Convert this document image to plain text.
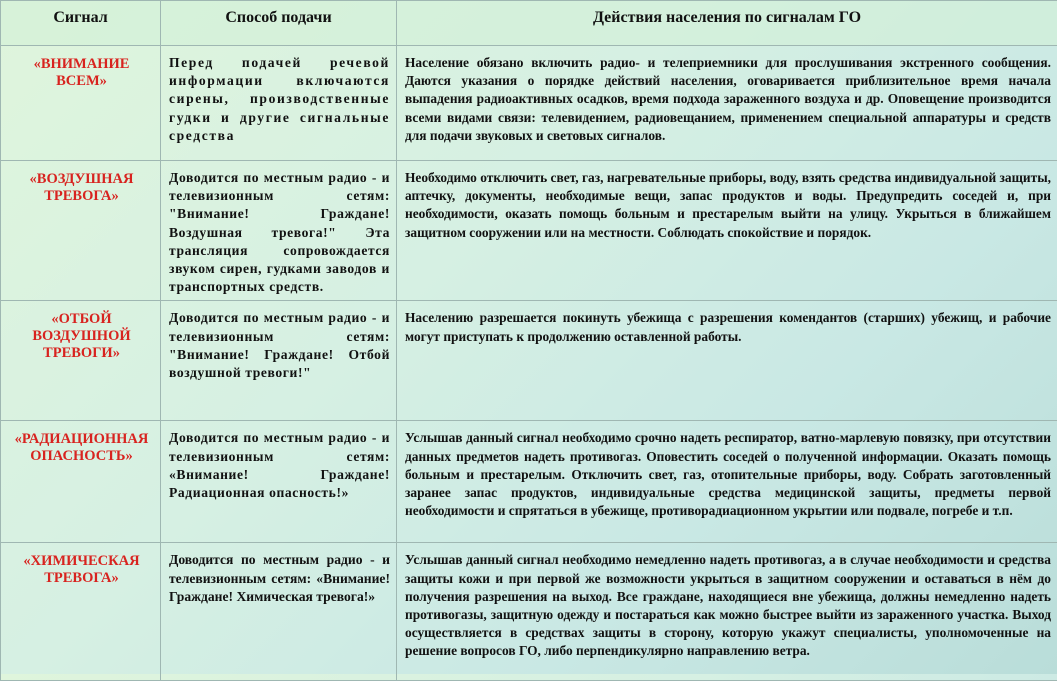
Сигнал	Способ подачи	Действия населения по сигналам ГО

«ВНИМАНИЕ
ВСЕМ»	Перед подачей речевой информации включаются сирены, производственные гудки и другие сигнальные средства	Население обязано включить радио- и телеприемники для прослушивания экстренного сообщения. Даются указания о порядке действий населения, оговаривается приблизительное время начала выпадения радиоактивных осадков, время подхода зараженного воздуха и др. Оповещение производится всеми видами связи: телевидением, радиовещанием, применением специальной аппаратуры и средств для подачи звуковых и световых сигналов.

«ВОЗДУШНАЯ
ТРЕВОГА»	Доводится по местным радио - и телевизионным сетям: "Внимание! Граждане! Воздушная тревога!" Эта трансляция сопровождается звуком сирен, гудками заводов и транспортных средств.	Необходимо отключить свет, газ, нагревательные приборы, воду, взять средства индивидуальной защиты, аптечку, документы, необходимые вещи, запас продуктов и воды. Предупредить соседей и, при необходимости, оказать помощь больным и престарелым выйти на улицу. Укрыться в ближайшем защитном сооружении или на местности. Соблюдать спокойствие и порядок.

«ОТБОЙ
ВОЗДУШНОЙ
ТРЕВОГИ»	Доводится по местным радио - и телевизионным сетям: "Внимание! Граждане! Отбой воздушной тревоги!"	Населению разрешается покинуть убежища с разрешения комендантов (старших) убежищ, и рабочие могут приступать к продолжению оставленной работы.

«РАДИАЦИОННАЯ
ОПАСНОСТЬ»	Доводится по местным радио - и телевизионным сетям: «Внимание! Граждане! Радиационная опасность!»	Услышав данный сигнал необходимо срочно надеть респиратор, ватно-марлевую повязку, при отсутствии данных предметов надеть противогаз. Оповестить соседей о полученной информации. Оказать помощь больным и престарелым. Отключить свет, газ, отопительные приборы, воду. Собрать заготовленный заранее запас продуктов, индивидуальные средства медицинской защиты, предметы первой необходимости и спрятаться в убежище, противорадиационном укрытии или подвале, погребе и т.п.

«ХИМИЧЕСКАЯ
ТРЕВОГА»	Доводится по местным радио - и телевизионным сетям: «Внимание! Граждане! Химическая тревога!»	Услышав данный сигнал необходимо немедленно надеть противогаз, а в случае необходимости и средства защиты кожи и при первой же возможности укрыться в защитном сооружении и оставаться в нём до получения разрешения на выход. Все граждане, находящиеся вне убежища, должны немедленно надеть противогазы, защитную одежду и постараться как можно быстрее выйти из зараженного участка. Выход осуществляется в средствах защиты в сторону, которую укажут специалисты, уполномоченные на решение вопросов ГО, либо перпендикулярно направлению ветра.
